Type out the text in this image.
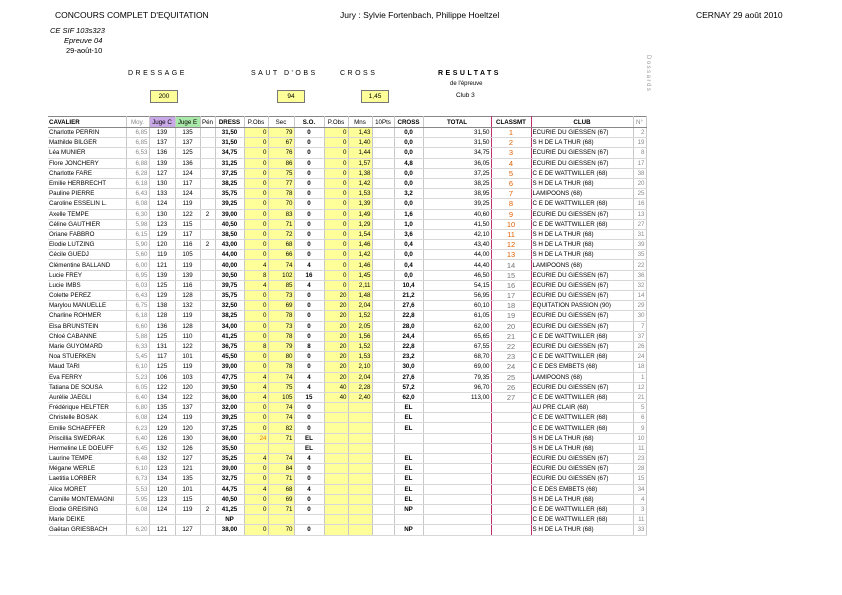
CONCOURS COMPLET D'EQUITATION	Jury : Sylvie Fortenbach, Philippe Hoeltzel	CERNAY 29 août 2010
CE SIF 103s323
Epreuve 04
29-août-10
DRESSAGE
200
SAUT D'OBS
94
CROSS
1,45
RESULTATS
de l'épreuve
Club 3
Dossards
CAVALIER	Moy.	Juge C	Juge E	Pén	DRESS	P.Obs	Sec	S.O.	P.Obs	Mns	10Pts	CROSS	TOTAL	CLASSMT	CLUB	N°
Charlotte PERRIN	6,85	139	135		31,50	0	79	0	0	1,43		0,0	31,50	1	ECURIE DU GIESSEN (67)	2
Mathilde BILGER	6,85	137	137		31,50	0	67	0	0	1,40		0,0	31,50	2	S H DE LA THUR (68)	19
Léa MUNIER	6,53	136	125		34,75	0	76	0	0	1,44		0,0	34,75	3	ECURIE DU GIESSEN (67)	8
Flore JONCHERY	6,88	139	136		31,25	0	86	0	0	1,57		4,8	36,05	4	ECURIE DU GIESSEN (67)	17
Charlotte FARE	6,28	127	124		37,25	0	75	0	0	1,38		0,0	37,25	5	C E DE WATTWILLER (68)	38
Emilie HERBRECHT	6,18	130	117		38,25	0	77	0	0	1,42		0,0	38,25	6	S H DE LA THUR (68)	20
Pauline PIERRE	6,43	133	124		35,75	0	78	0	0	1,53		3,2	38,95	7	LAMIPOONS (68)	25
Caroline ESSELIN L.	6,08	124	119		39,25	0	70	0	0	1,39		0,0	39,25	8	C E DE WATTWILLER (68)	16
Axelle TEMPE	6,30	130	122	2	39,00	0	83	0	0	1,49		1,6	40,60	9	ECURIE DU GIESSEN (67)	13
Céline GAUTHIER	5,98	123	115		40,50	0	71	0	0	1,29		1,0	41,50	10	C E DE WATTWILLER (68)	27
Oriane FABBRO	6,15	129	117		38,50	0	72	0	0	1,54		3,6	42,10	11	S H DE LA THUR (68)	31
Elodie LUTZING	5,90	120	116	2	43,00	0	68	0	0	1,46		0,4	43,40	12	S H DE LA THUR (68)	39
Cécile GUEDJ	5,60	119	105		44,00	0	66	0	0	1,42		0,0	44,00	13	S H DE LA THUR (68)	35
Clémentine BALLAND	6,00	121	119		40,00	4	74	4	0	1,46		0,4	44,40	14	LAMIPOONS (68)	22
Lucie FREY	6,95	139	139		30,50	8	102	16	0	1,45		0,0	46,50	15	ECURIE DU GIESSEN (67)	36
Lucie IMBS	6,03	125	116		39,75	4	85	4	0	2,11		10,4	54,15	16	ECURIE DU GIESSEN (67)	32
Colette PEREZ	6,43	129	128		35,75	0	73	0	20	1,48		21,2	56,95	17	ECURIE DU GIESSEN (67)	14
Marylou MANUELLE	6,75	138	132		32,50	0	69	0	20	2,04		27,6	60,10	18	EQUITATION PASSION (90)	29
Charline ROHMER	6,18	128	119		38,25	0	78	0	20	1,52		22,8	61,05	19	ECURIE DU GIESSEN (67)	30
Elsa BRUNSTEIN	6,60	136	128		34,00	0	73	0	20	2,05		28,0	62,00	20	ECURIE DU GIESSEN (67)	7
Chloé CABANNE	5,88	125	110		41,25	0	78	0	20	1,56		24,4	65,65	21	C E DE WATTWILLER (68)	37
Marie GUYOMARD	6,33	131	122		36,75	8	79	8	20	1,52		22,8	67,55	22	ECURIE DU GIESSEN (67)	26
Noa STUERKEN	5,45	117	101		45,50	0	80	0	20	1,53		23,2	68,70	23	C E DE WATTWILLER (68)	24
Maud TARI	6,10	125	119		39,00	0	78	0	20	2,10		30,0	69,00	24	C E DES EMBETS (68)	18
Eva FERRY	5,23	106	103		47,75	4	74	4	20	2,04		27,6	79,35	25	LAMIPOONS (68)	1
Tatiana DE SOUSA	6,05	122	120		39,50	4	75	4	40	2,28		57,2	96,70	26	ECURIE DU GIESSEN (67)	12
Aurélie JAEGLI	6,40	134	122		36,00	4	105	15	40	2,40		62,0	113,00	27	C E DE WATTWILLER (68)	21
Frédérique HELFTER	6,80	135	137		32,00	0	74	0				EL			AU PRE CLAIR (68)	5
Christelle BOSAK	6,08	124	119		39,25	0	74	0				EL			C E DE WATTWILLER (68)	6
Emilie SCHAEFFER	6,23	129	120		37,25	0	82	0				EL			C E DE WATTWILLER (68)	9
Priscillia SWEDRAK	6,40	126	130		36,00	24	71	EL							S H DE LA THUR (68)	10
Hermeline LE DOEUFF	6,45	132	126		35,50			EL							S H DE LA THUR (68)	11
Laurine TEMPE	6,48	132	127		35,25	4	74	4				EL			ECURIE DU GIESSEN (67)	23
Mégane WERLE	6,10	123	121		39,00	0	84	0				EL			ECURIE DU GIESSEN (67)	28
Laetitia LORBER	6,73	134	135		32,75	0	71	0				EL			ECURIE DU GIESSEN (67)	15
Alice MORET	5,53	120	101		44,75	4	68	4				EL			C E DES EMBETS (68)	34
Camille MONTEMAGNI	5,95	123	115		40,50	0	69	0				EL			S H DE LA THUR (68)	4
Elodie GREISING	6,08	124	119	2	41,25	0	71	0				NP			C E DE WATTWILLER (68)	3
Marie DEIKE					NP										C E DE WATTWILLER (68)	11
Gaëtan GRIESBACH	6,20	121	127		38,00	0	70	0				NP			S H DE LA THUR (68)	33
